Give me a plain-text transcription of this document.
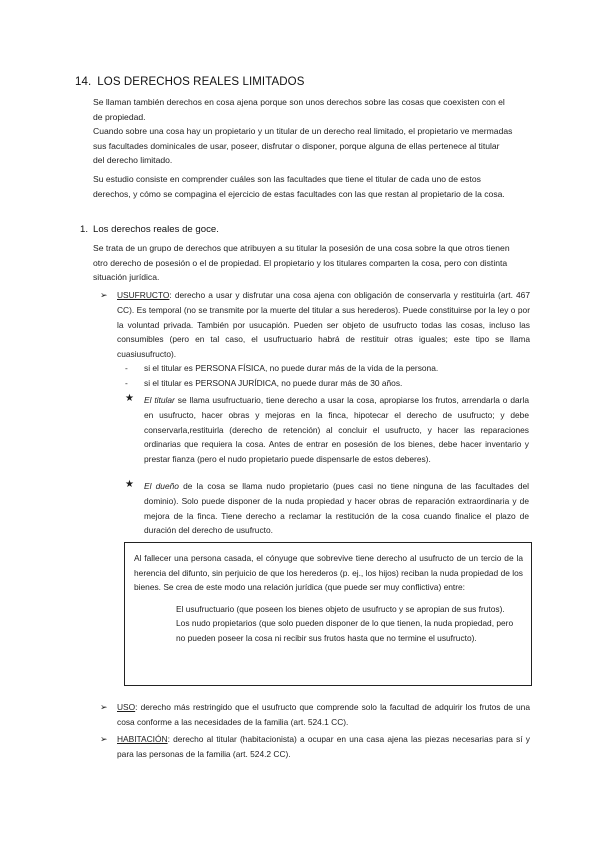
14. LOS DERECHOS REALES LIMITADOS

Se llaman también derechos en cosa ajena porque son unos derechos sobre las cosas que coexisten con el de propiedad.

Cuando sobre una cosa hay un propietario y un titular de un derecho real limitado, el propietario ve mermadas sus facultades dominicales de usar, poseer, disfrutar o disponer, porque alguna de ellas pertenece al titular del derecho limitado.

Su estudio consiste en comprender cuáles son las facultades que tiene el titular de cada uno de estos derechos, y cómo se compagina el ejercicio de estas facultades con las que restan al propietario de la cosa.

1. Los derechos reales de goce.

Se trata de un grupo de derechos que atribuyen a su titular la posesión de una cosa sobre la que otros tienen otro derecho de posesión o el de propiedad. El propietario y los titulares comparten la cosa, pero con distinta situación jurídica.

➢ USUFRUCTO: derecho a usar y disfrutar una cosa ajena con obligación de conservarla y restituirla (art. 467 CC). Es temporal (no se transmite por la muerte del titular a sus herederos). Puede constituirse por la ley o por la voluntad privada. También por usucapión. Pueden ser objeto de usufructo todas las cosas, incluso las consumibles (pero en tal caso, el usufructuario habrá de restituir otras iguales; este tipo se llama cuasiusufructo).
- si el titular es PERSONA FÍSICA, no puede durar más de la vida de la persona.
- si el titular es PERSONA JURÍDICA, no puede durar más de 30 años.
★ El titular se llama usufructuario, tiene derecho a usar la cosa, apropiarse los frutos, arrendarla o darla en usufructo, hacer obras y mejoras en la finca, hipotecar el derecho de usufructo; y debe conservarla,restituirla (derecho de retención) al concluir el usufructo, y hacer las reparaciones ordinarias que requiera la cosa. Antes de entrar en posesión de los bienes, debe hacer inventario y prestar fianza (pero el nudo propietario puede dispensarle de estos deberes).
★ El dueño de la cosa se llama nudo propietario (pues casi no tiene ninguna de las facultades del dominio). Solo puede disponer de la nuda propiedad y hacer obras de reparación extraordinaria y de mejora de la finca. Tiene derecho a reclamar la restitución de la cosa cuando finalice el plazo de duración del derecho de usufructo.
Al fallecer una persona casada, el cónyuge que sobrevive tiene derecho al usufructo de un tercio de la herencia del difunto, sin perjuicio de que los herederos (p. ej., los hijos) reciban la nuda propiedad de los bienes. Se crea de este modo una relación jurídica (que puede ser muy conflictiva) entre:

El usufructuario (que poseen los bienes objeto de usufructo y se apropian de sus frutos).

Los nudo propietarios (que solo pueden disponer de lo que tienen, la nuda propiedad, pero no pueden poseer la cosa ni recibir sus frutos hasta que no termine el usufructo).

➢ USO: derecho más restringido que el usufructo que comprende solo la facultad de adquirir los frutos de una cosa conforme a las necesidades de la familia (art. 524.1 CC).
➢ HABITACIÓN: derecho al titular (habitacionista) a ocupar en una casa ajena las piezas necesarias para sí y para las personas de la familia (art. 524.2 CC).
